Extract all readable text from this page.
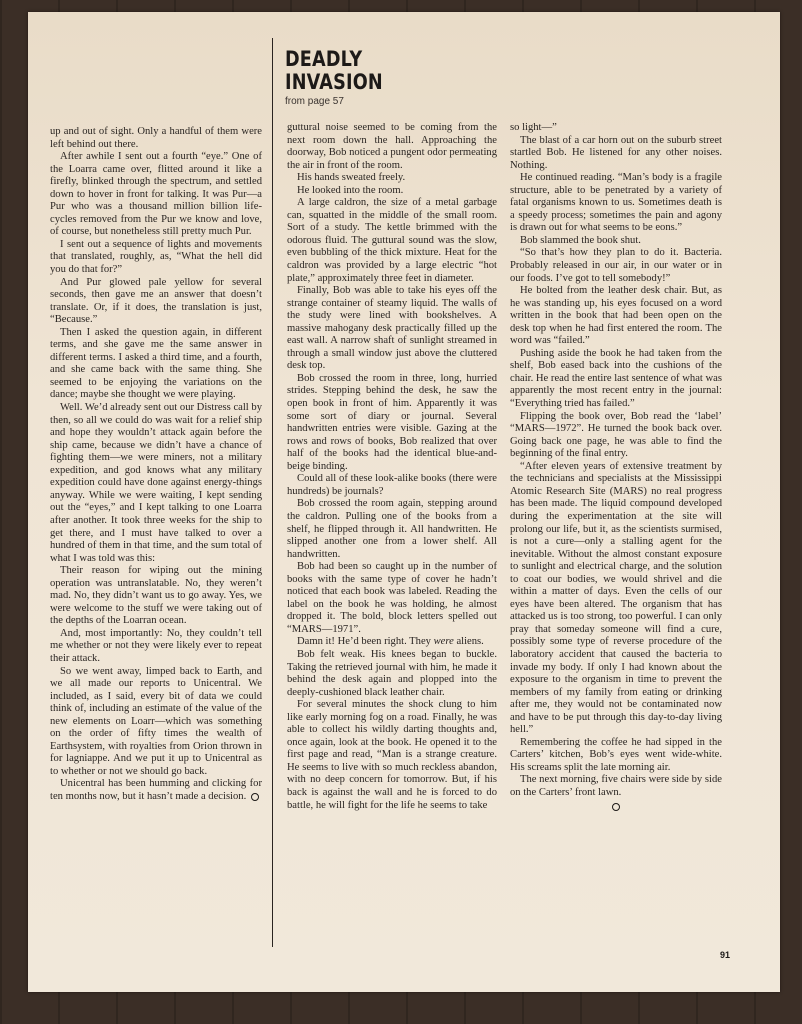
DEADLY
INVASION
from page 57

up and out of sight. Only a handful of them were left behind out there.

After awhile I sent out a fourth “eye.” One of the Loarra came over, flitted around it like a firefly, blinked through the spectrum, and settled down to hover in front for talking. It was Pur—a Pur who was a thousand million billion life-cycles removed from the Pur we know and love, of course, but nonetheless still pretty much Pur.

I sent out a sequence of lights and movements that translated, roughly, as, “What the hell did you do that for?”

And Pur glowed pale yellow for several seconds, then gave me an answer that doesn’t translate. Or, if it does, the translation is just, “Because.”

Then I asked the question again, in different terms, and she gave me the same answer in different terms. I asked a third time, and a fourth, and she came back with the same thing. She seemed to be enjoying the variations on the dance; maybe she thought we were playing.

Well. We’d already sent out our Distress call by then, so all we could do was wait for a relief ship and hope they wouldn’t attack again before the ship came, because we didn’t have a chance of fighting them—we were miners, not a military expedition, and god knows what any military expedition could have done against energy-things anyway. While we were waiting, I kept sending out the “eyes,” and I kept talking to one Loarra after another. It took three weeks for the ship to get there, and I must have talked to over a hundred of them in that time, and the sum total of what I was told was this:

Their reason for wiping out the mining operation was untranslatable. No, they weren’t mad. No, they didn’t want us to go away. Yes, we were welcome to the stuff we were taking out of the depths of the Loarran ocean.

And, most importantly: No, they couldn’t tell me whether or not they were likely ever to repeat their attack.

So we went away, limped back to Earth, and we all made our reports to Unicentral. We included, as I said, every bit of data we could think of, including an estimate of the value of the new elements on Loarr—which was something on the order of fifty times the wealth of Earthsystem, with royalties from Orion thrown in for lagniappe. And we put it up to Unicentral as to whether or not we should go back.

Unicentral has been humming and clicking for ten months now, but it hasn’t made a decision.

guttural noise seemed to be coming from the next room down the hall. Approaching the doorway, Bob noticed a pungent odor permeating the air in front of the room.

His hands sweated freely.

He looked into the room.

A large caldron, the size of a metal garbage can, squatted in the middle of the small room. Sort of a study. The kettle brimmed with the odorous fluid. The guttural sound was the slow, even bubbling of the thick mixture. Heat for the caldron was provided by a large electric “hot plate,” approximately three feet in diameter.

Finally, Bob was able to take his eyes off the strange container of steamy liquid. The walls of the study were lined with bookshelves. A massive mahogany desk practically filled up the east wall. A narrow shaft of sunlight streamed in through a small window just above the cluttered desk top.

Bob crossed the room in three, long, hurried strides. Stepping behind the desk, he saw the open book in front of him. Apparently it was some sort of diary or journal. Several handwritten entries were visible. Gazing at the rows and rows of books, Bob realized that over half of the books had the identical blue-and-beige binding.

Could all of these look-alike books (there were hundreds) be journals?

Bob crossed the room again, stepping around the caldron. Pulling one of the books from a shelf, he flipped through it. All handwritten. He slipped another one from a lower shelf. All handwritten.

Bob had been so caught up in the number of books with the same type of cover he hadn’t noticed that each book was labeled. Reading the label on the book he was holding, he almost dropped it. The bold, block letters spelled out “MARS—1971”.

Damn it! He’d been right. They were aliens.

Bob felt weak. His knees began to buckle. Taking the retrieved journal with him, he made it behind the desk again and plopped into the deeply-cushioned black leather chair.

For several minutes the shock clung to him like early morning fog on a road. Finally, he was able to collect his wildly darting thoughts and, once again, look at the book. He opened it to the first page and read, “Man is a strange creature. He seems to live with so much reckless abandon, with no deep concern for tomorrow. But, if his back is against the wall and he is forced to do battle, he will fight for the life he seems to take

so light—”

The blast of a car horn out on the suburb street startled Bob. He listened for any other noises. Nothing.

He continued reading. “Man’s body is a fragile structure, able to be penetrated by a variety of fatal organisms known to us. Sometimes death is a speedy process; sometimes the pain and agony is drawn out for what seems to be eons.”

Bob slammed the book shut.

“So that’s how they plan to do it. Bacteria. Probably released in our air, in our water or in our foods. I’ve got to tell somebody!”

He bolted from the leather desk chair. But, as he was standing up, his eyes focused on a word written in the book that had been open on the desk top when he had first entered the room. The word was “failed.”

Pushing aside the book he had taken from the shelf, Bob eased back into the cushions of the chair. He read the entire last sentence of what was apparently the most recent entry in the journal: “Everything tried has failed.”

Flipping the book over, Bob read the ‘label’ “MARS—1972”. He turned the book back over. Going back one page, he was able to find the beginning of the final entry.

“After eleven years of extensive treatment by the technicians and specialists at the Mississippi Atomic Research Site (MARS) no real progress has been made. The liquid compound developed during the experimentation at the site will prolong our life, but it, as the scientists surmised, is not a cure—only a stalling agent for the inevitable. Without the almost constant exposure to sunlight and electrical charge, and the solution to coat our bodies, we would shrivel and die within a matter of days. Even the cells of our eyes have been altered. The organism that has attacked us is too strong, too powerful. I can only pray that someday someone will find a cure, possibly some type of reverse procedure of the laboratory accident that caused the bacteria to invade my body. If only I had known about the exposure to the organism in time to prevent the members of my family from eating or drinking after me, they would not be contaminated now and have to be put through this day-to-day living hell.”

Remembering the coffee he had sipped in the Carters’ kitchen, Bob’s eyes went wide-white. His screams split the late morning air.

The next morning, five chairs were side by side on the Carters’ front lawn.

91
